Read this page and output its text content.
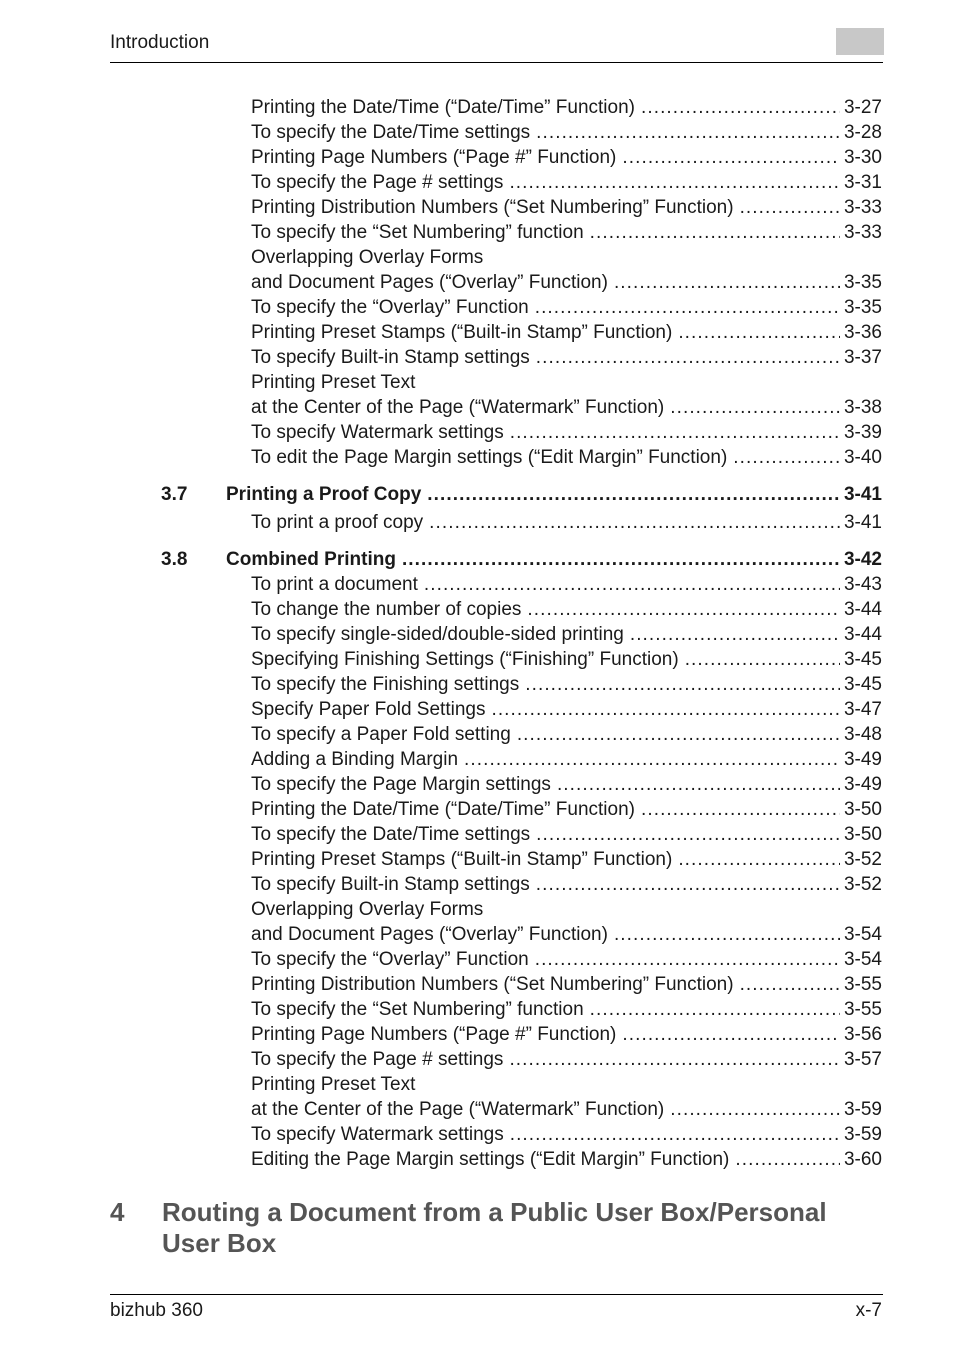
Introduction
Printing the Date/Time (“Date/Time” Function) . . .	3-27
To specify the Date/Time settings . . .	3-28
Printing Page Numbers (“Page #” Function) . . .	3-30
To specify the Page # settings . . .	3-31
Printing Distribution Numbers (“Set Numbering” Function) . . .	3-33
To specify the “Set Numbering” function . . .	3-33
Overlapping Overlay Forms
and Document Pages (“Overlay” Function) . . .	3-35
To specify the “Overlay” Function . . .	3-35
Printing Preset Stamps (“Built-in Stamp” Function) . . .	3-36
To specify Built-in Stamp settings . . .	3-37
Printing Preset Text
at the Center of the Page (“Watermark” Function) . . .	3-38
To specify Watermark settings . . .	3-39
To edit the Page Margin settings (“Edit Margin” Function) . . .	3-40
3.7 Printing a Proof Copy . . .	3-41
To print a proof copy . . .	3-41
3.8 Combined Printing . . .	3-42
To print a document . . .	3-43
To change the number of copies . . .	3-44
To specify single-sided/double-sided printing . . .	3-44
Specifying Finishing Settings (“Finishing” Function) . . .	3-45
To specify the Finishing settings . . .	3-45
Specify Paper Fold Settings . . .	3-47
To specify a Paper Fold setting . . .	3-48
Adding a Binding Margin . . .	3-49
To specify the Page Margin settings . . .	3-49
Printing the Date/Time (“Date/Time” Function) . . .	3-50
To specify the Date/Time settings . . .	3-50
Printing Preset Stamps (“Built-in Stamp” Function) . . .	3-52
To specify Built-in Stamp settings . . .	3-52
Overlapping Overlay Forms
and Document Pages (“Overlay” Function) . . .	3-54
To specify the “Overlay” Function . . .	3-54
Printing Distribution Numbers (“Set Numbering” Function) . . .	3-55
To specify the “Set Numbering” function . . .	3-55
Printing Page Numbers (“Page #” Function) . . .	3-56
To specify the Page # settings . . .	3-57
Printing Preset Text
at the Center of the Page (“Watermark” Function) . . .	3-59
To specify Watermark settings . . .	3-59
Editing the Page Margin settings (“Edit Margin” Function) . . .	3-60
4 Routing a Document from a Public User Box/Personal User Box
bizhub 360	x-7
